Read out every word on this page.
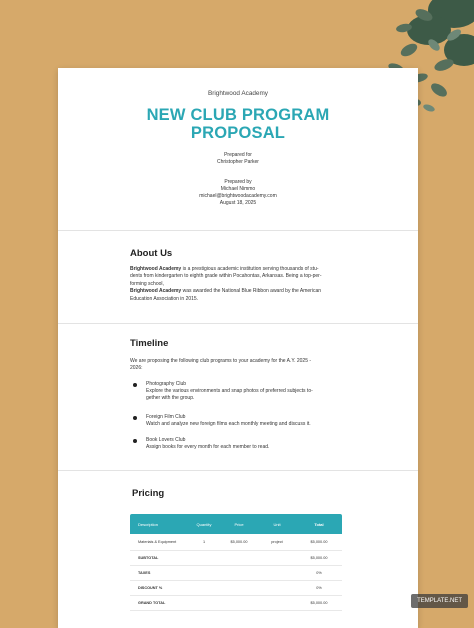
Brightwood Academy
NEW CLUB PROGRAM
PROPOSAL
Prepared for
Christopher Parker
Prepared by
Michael Nimmo
michael@brightwoodacademy.com
August 18, 2025
About Us
Brightwood Academy is a prestigious academic institution serving thousands of stu-
dents from kindergarten to eighth grade within Pocahontas, Arkansas. Being a top-per-
forming school,
Brightwood Academy was awarded the National Blue Ribbon award by the American
Education Association in 2015.
Timeline
We are proposing the following club programs to your academy for the A.Y. 2025 -
2026:
Photography Club
Explore the various environments and snap photos of preferred subjects to-
gether with the group.
Foreign Film Club
Watch and analyze new foreign films each monthly meeting and discuss it.
Book Lovers Club
Assign books for every month for each member to read.
Pricing
Description	Quantity	Price	Unit	Total
Materials & Equipment	1	$5,000.00	project	$5,000.00
SUBTOTAL	$5,000.00
TAXES	0%
DISCOUNT %	0%
GRAND TOTAL	$5,000.00	TEMPLATE.NET
